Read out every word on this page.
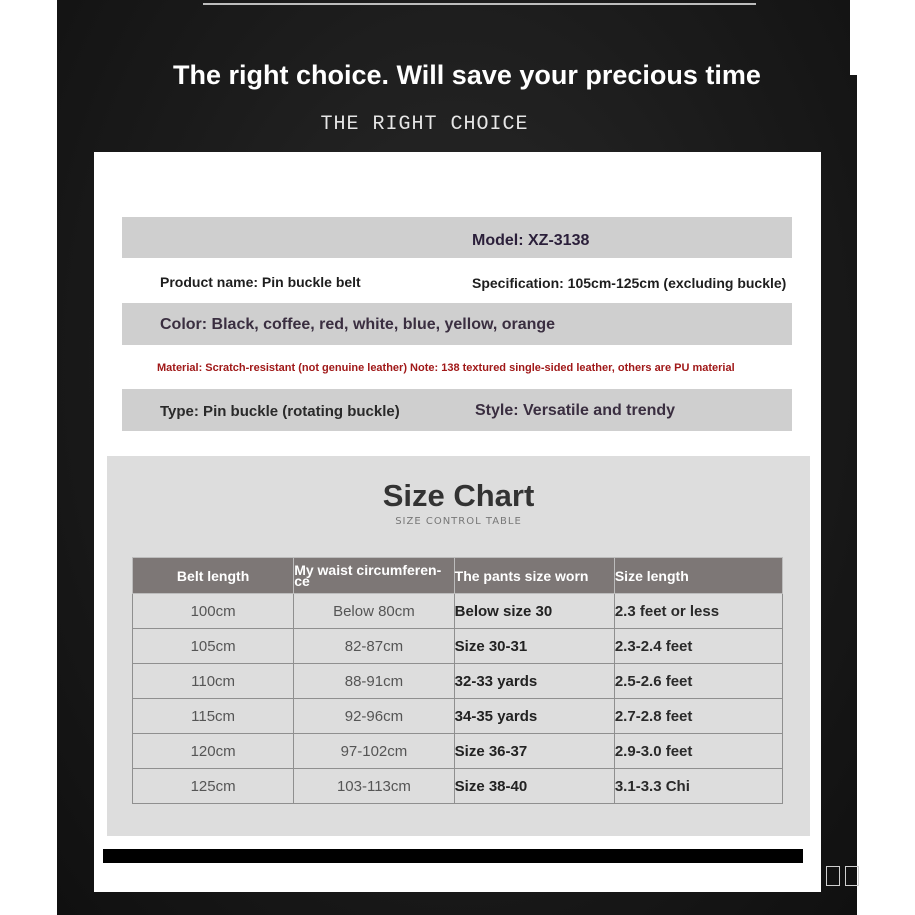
The right choice. Will save your precious time
THE RIGHT CHOICE
Model: XZ-3138
Product name: Pin buckle belt	Specification: 105cm-125cm (excluding buckle)
Color: Black, coffee, red, white, blue, yellow, orange
Material: Scratch-resistant (not genuine leather) Note: 138 textured single-sided leather, others are PU material
Type: Pin buckle (rotating buckle)	Style: Versatile and trendy
Size Chart
SIZE CONTROL TABLE
Belt length	My waist circumferen-ce	The pants size worn	Size length
100cm	Below 80cm	Below size 30	2.3 feet or less
105cm	82-87cm	Size 30-31	2.3-2.4 feet
110cm	88-91cm	32-33 yards	2.5-2.6 feet
115cm	92-96cm	34-35 yards	2.7-2.8 feet
120cm	97-102cm	Size 36-37	2.9-3.0 feet
125cm	103-113cm	Size 38-40	3.1-3.3 Chi
